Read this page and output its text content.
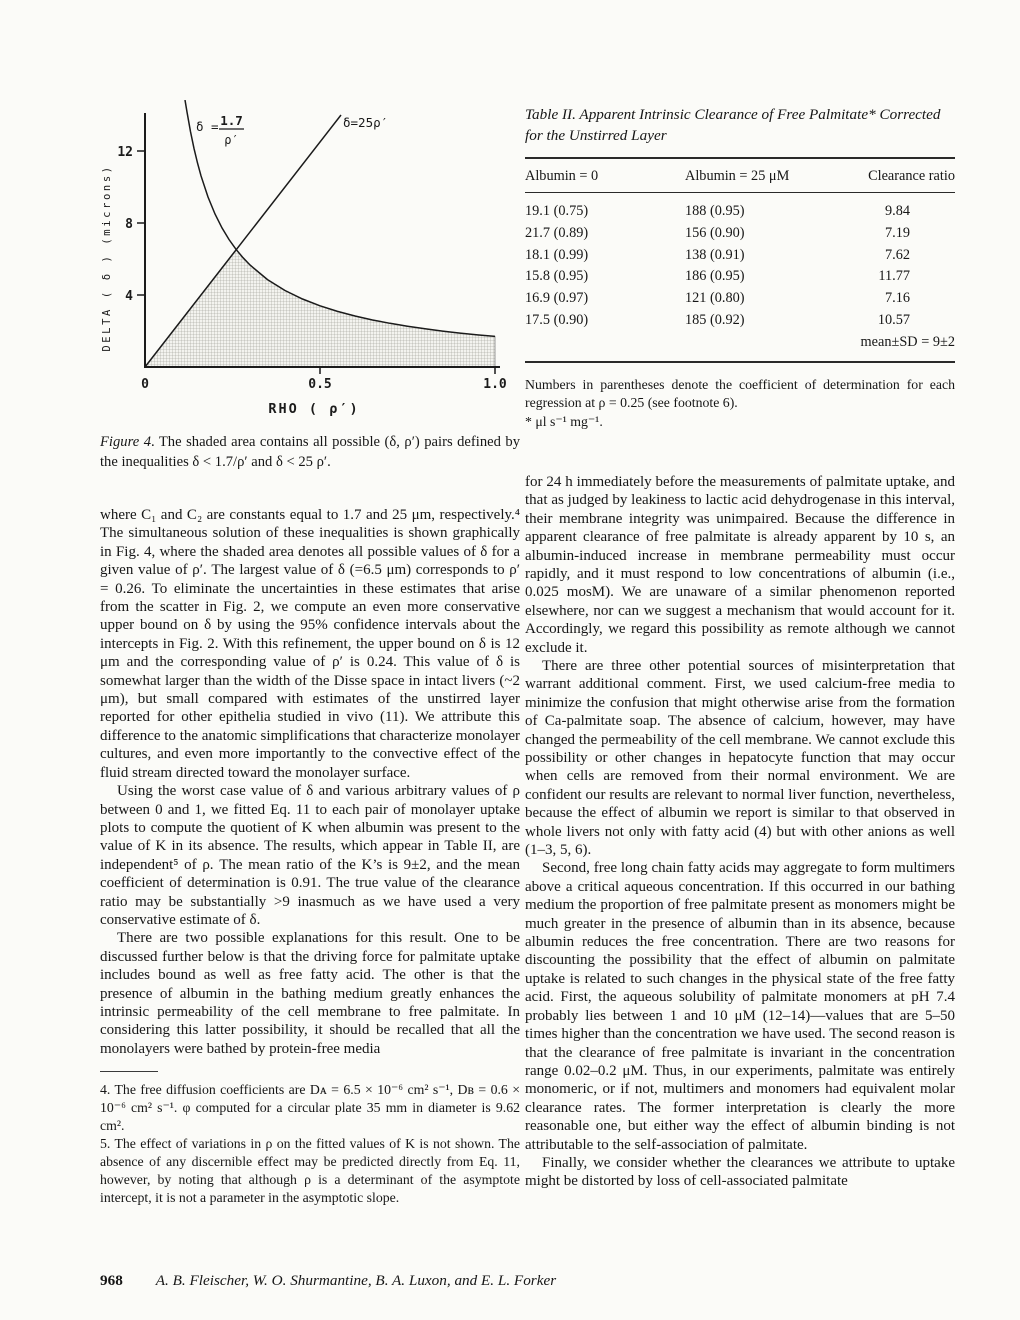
12
8
4
0	0.5	1.0
DELTA ( δ ) (microns)
RHO ( ρ′)
δ = 1.7
ρ′
δ=25ρ′

Figure 4. The shaded area contains all possible (δ, ρ′) pairs defined by the inequalities δ < 1.7/ρ′ and δ < 25 ρ′.

where C₁ and C₂ are constants equal to 1.7 and 25 μm, respectively.⁴ The simultaneous solution of these inequalities is shown graphically in Fig. 4, where the shaded area denotes all possible values of δ for a given value of ρ′. The largest value of δ (=6.5 μm) corresponds to ρ′ = 0.26. To eliminate the uncertainties in these estimates that arise from the scatter in Fig. 2, we compute an even more conservative upper bound on δ by using the 95% confidence intervals about the intercepts in Fig. 2. With this refinement, the upper bound on δ is 12 μm and the corresponding value of ρ′ is 0.24. This value of δ is somewhat larger than the width of the Disse space in intact livers (~2 μm), but small compared with estimates of the unstirred layer reported for other epithelia studied in vivo (11). We attribute this difference to the anatomic simplifications that characterize monolayer cultures, and even more importantly to the convective effect of the fluid stream directed toward the monolayer surface.

Using the worst case value of δ and various arbitrary values of ρ between 0 and 1, we fitted Eq. 11 to each pair of monolayer uptake plots to compute the quotient of K when albumin was present to the value of K in its absence. The results, which appear in Table II, are independent⁵ of ρ. The mean ratio of the K’s is 9±2, and the mean coefficient of determination is 0.91. The true value of the clearance ratio may be substantially >9 inasmuch as we have used a very conservative estimate of δ.

There are two possible explanations for this result. One to be discussed further below is that the driving force for palmitate uptake includes bound as well as free fatty acid. The other is that the presence of albumin in the bathing medium greatly enhances the intrinsic permeability of the cell membrane to free palmitate. In considering this latter possibility, it should be recalled that all the monolayers were bathed by protein-free media

4. The free diffusion coefficients are Dᴀ = 6.5 × 10⁻⁶ cm² s⁻¹, Dʙ = 0.6 × 10⁻⁶ cm² s⁻¹. φ computed for a circular plate 35 mm in diameter is 9.62 cm².

5. The effect of variations in ρ on the fitted values of K is not shown. The absence of any discernible effect may be predicted directly from Eq. 11, however, by noting that although ρ is a determinant of the asymptote intercept, it is not a parameter in the asymptotic slope.

Table II. Apparent Intrinsic Clearance of Free Palmitate* Corrected for the Unstirred Layer
Albumin = 0	Albumin = 25 μM	Clearance ratio
19.1 (0.75)	188 (0.95)	9.84
21.7 (0.89)	156 (0.90)	7.19
18.1 (0.99)	138 (0.91)	7.62
15.8 (0.95)	186 (0.95)	11.77
16.9 (0.97)	121 (0.80)	7.16
17.5 (0.90)	185 (0.92)	10.57
mean±SD = 9±2		

Numbers in parentheses denote the coefficient of determination for each regression at ρ = 0.25 (see footnote 6).

* μl s⁻¹ mg⁻¹.

for 24 h immediately before the measurements of palmitate uptake, and that as judged by leakiness to lactic acid dehydrogenase in this interval, their membrane integrity was unimpaired. Because the difference in apparent clearance of free palmitate is already apparent by 10 s, an albumin-induced increase in membrane permeability must occur rapidly, and it must respond to low concentrations of albumin (i.e., 0.025 mosM). We are unaware of a similar phenomenon reported elsewhere, nor can we suggest a mechanism that would account for it. Accordingly, we regard this possibility as remote although we cannot exclude it.

There are three other potential sources of misinterpretation that warrant additional comment. First, we used calcium-free media to minimize the confusion that might otherwise arise from the formation of Ca-palmitate soap. The absence of calcium, however, may have changed the permeability of the cell membrane. We cannot exclude this possibility or other changes in hepatocyte function that may occur when cells are removed from their normal environment. We are confident our results are relevant to normal liver function, nevertheless, because the effect of albumin we report is similar to that observed in whole livers not only with fatty acid (4) but with other anions as well (1–3, 5, 6).

Second, free long chain fatty acids may aggregate to form multimers above a critical aqueous concentration. If this occurred in our bathing medium the proportion of free palmitate present as monomers might be much greater in the presence of albumin than in its absence, because albumin reduces the free concentration. There are two reasons for discounting the possibility that the effect of albumin on palmitate uptake is related to such changes in the physical state of the free fatty acid. First, the aqueous solubility of palmitate monomers at pH 7.4 probably lies between 1 and 10 μM (12–14)—values that are 5–50 times higher than the concentration we have used. The second reason is that the clearance of free palmitate is invariant in the concentration range 0.02–0.2 μM. Thus, in our experiments, palmitate was entirely monomeric, or if not, multimers and monomers had equivalent molar clearance rates. The former interpretation is clearly the more reasonable one, but either way the effect of albumin binding is not attributable to the self-association of palmitate.

Finally, we consider whether the clearances we attribute to uptake might be distorted by loss of cell-associated palmitate

968 A. B. Fleischer, W. O. Shurmantine, B. A. Luxon, and E. L. Forker
